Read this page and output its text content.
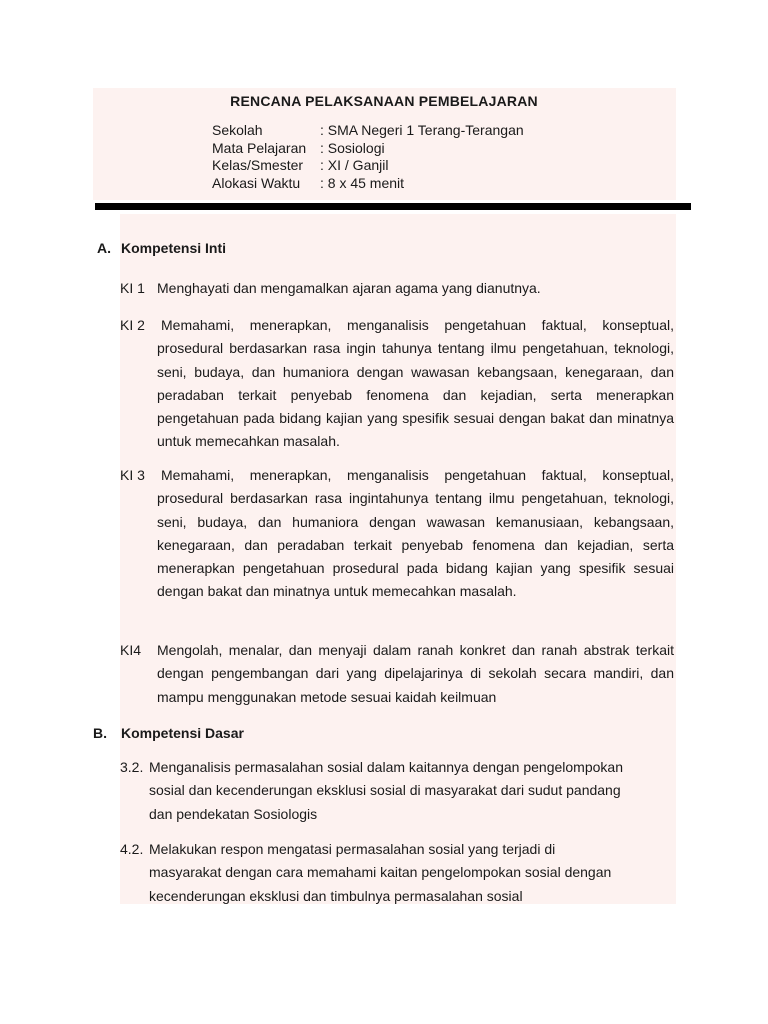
RENCANA PELAKSANAAN PEMBELAJARAN
Sekolah	: SMA Negeri 1 Terang-Terangan
Mata Pelajaran : Sosiologi
Kelas/Smester	: XI / Ganjil
Alokasi Waktu	: 8 x 45 menit
A. Kompetensi Inti
KI 1 Menghayati dan mengamalkan ajaran agama yang dianutnya.
KI 2	Memahami, menerapkan, menganalisis pengetahuan faktual, konseptual, prosedural berdasarkan rasa ingin tahunya tentang ilmu pengetahuan, teknologi, seni, budaya, dan humaniora dengan wawasan kebangsaan, kenegaraan, dan peradaban terkait penyebab fenomena dan kejadian, serta menerapkan pengetahuan pada bidang kajian yang spesifik sesuai dengan bakat dan minatnya untuk memecahkan masalah.
KI 3	Memahami, menerapkan, menganalisis pengetahuan faktual, konseptual, prosedural berdasarkan rasa ingintahunya tentang ilmu pengetahuan, teknologi, seni, budaya, dan humaniora dengan wawasan kemanusiaan, kebangsaan, kenegaraan, dan peradaban terkait penyebab fenomena dan kejadian, serta menerapkan pengetahuan prosedural pada bidang kajian yang spesifik sesuai dengan bakat dan minatnya untuk memecahkan masalah.
KI4	Mengolah, menalar, dan menyaji dalam ranah konkret dan ranah abstrak terkait dengan pengembangan dari yang dipelajarinya di sekolah secara mandiri, dan mampu menggunakan metode sesuai kaidah keilmuan
B. Kompetensi Dasar
3.2. Menganalisis permasalahan sosial dalam kaitannya dengan pengelompokan
sosial dan kecenderungan eksklusi sosial di masyarakat dari sudut pandang
dan pendekatan Sosiologis
4.2. Melakukan respon mengatasi permasalahan sosial yang terjadi di
masyarakat dengan cara memahami kaitan pengelompokan sosial dengan
kecenderungan eksklusi dan timbulnya permasalahan sosial
